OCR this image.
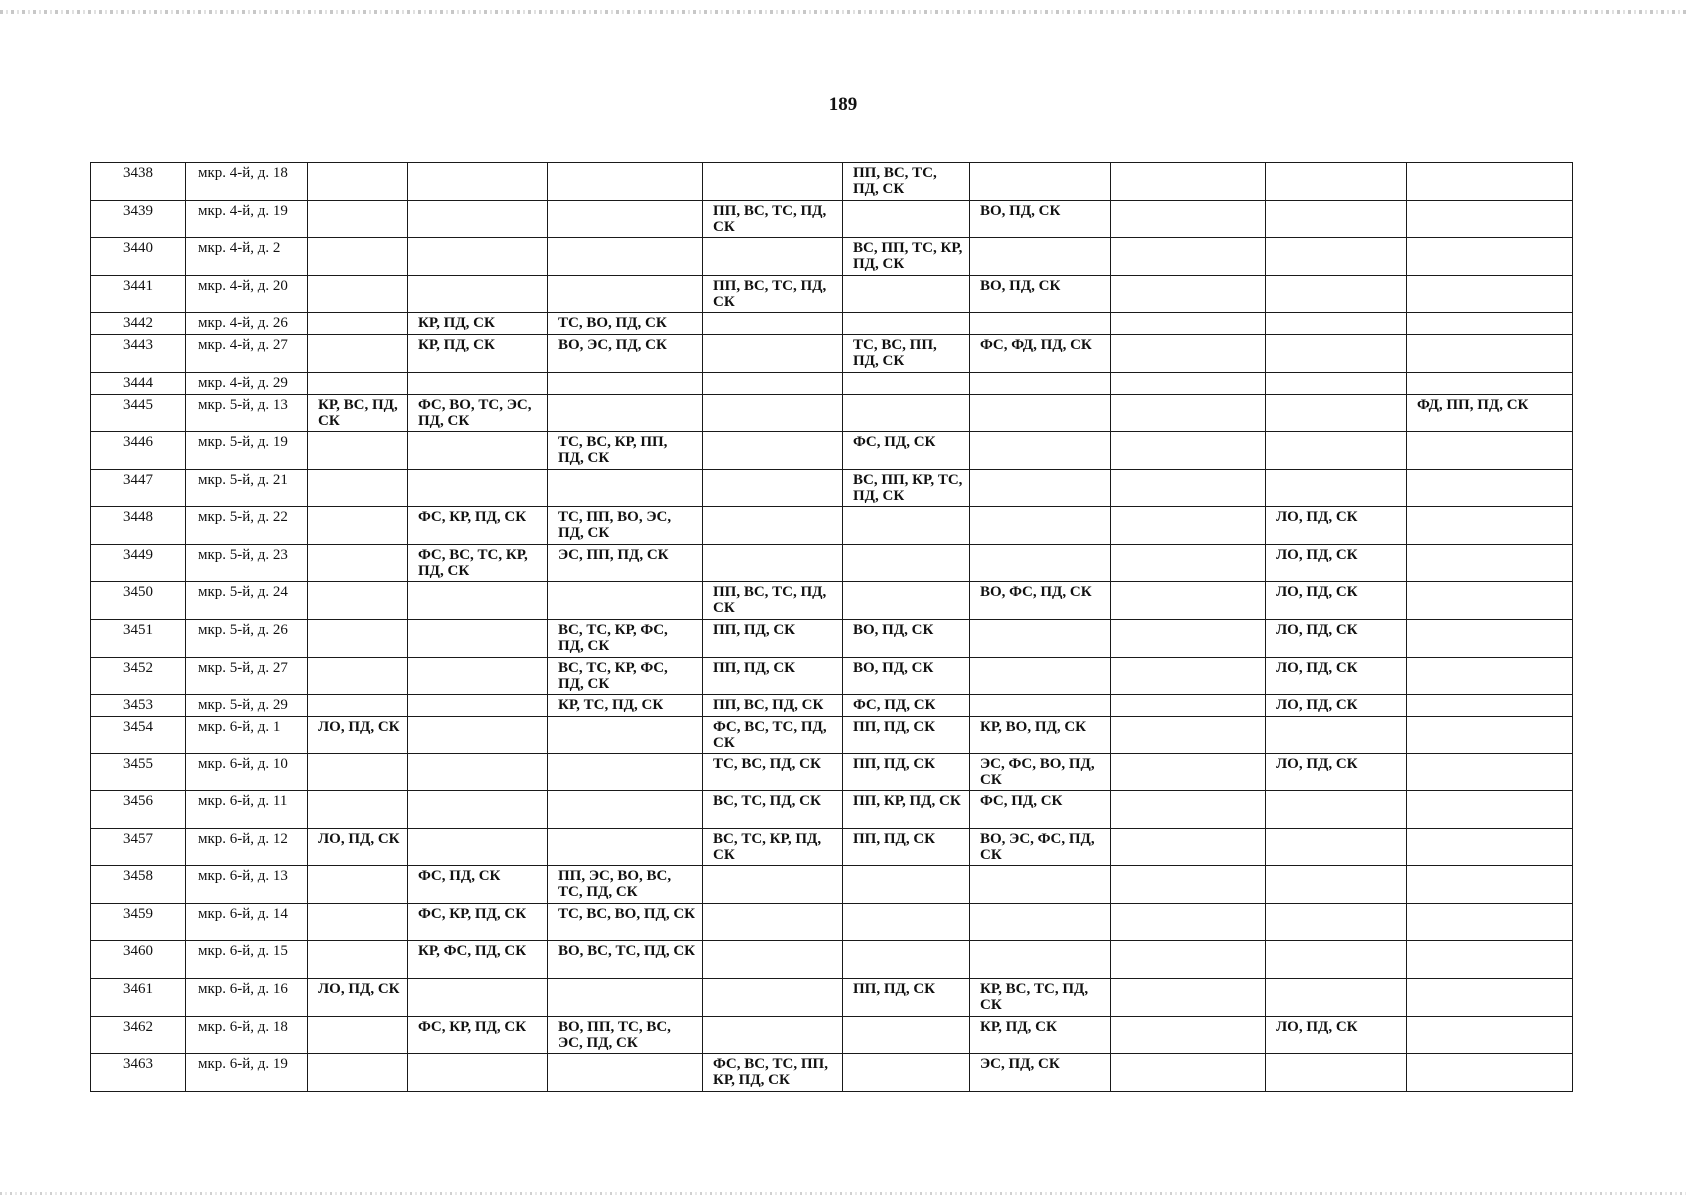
189
3438	мкр. 4-й, д. 18					ПП, ВС, ТС, ПД, СК				
3439	мкр. 4-й, д. 19				ПП, ВС, ТС, ПД, СК		ВО, ПД, СК			
3440	мкр. 4-й, д. 2					ВС, ПП, ТС, КР, ПД, СК				
3441	мкр. 4-й, д. 20				ПП, ВС, ТС, ПД, СК		ВО, ПД, СК			
3442	мкр. 4-й, д. 26		КР, ПД, СК	ТС, ВО, ПД, СК						
3443	мкр. 4-й, д. 27		КР, ПД, СК	ВО, ЭС, ПД, СК		ТС, ВС, ПП, ПД, СК	ФС, ФД, ПД, СК			
3444	мкр. 4-й, д. 29									
3445	мкр. 5-й, д. 13	КР, ВС, ПД, СК	ФС, ВО, ТС, ЭС, ПД, СК							ФД, ПП, ПД, СК
3446	мкр. 5-й, д. 19			ТС, ВС, КР, ПП, ПД, СК		ФС, ПД, СК				
3447	мкр. 5-й, д. 21					ВС, ПП, КР, ТС, ПД, СК				
3448	мкр. 5-й, д. 22		ФС, КР, ПД, СК	ТС, ПП, ВО, ЭС, ПД, СК					ЛО, ПД, СК	
3449	мкр. 5-й, д. 23		ФС, ВС, ТС, КР, ПД, СК	ЭС, ПП, ПД, СК					ЛО, ПД, СК	
3450	мкр. 5-й, д. 24				ПП, ВС, ТС, ПД, СК		ВО, ФС, ПД, СК		ЛО, ПД, СК	
3451	мкр. 5-й, д. 26			ВС, ТС, КР, ФС, ПД, СК	ПП, ПД, СК	ВО, ПД, СК			ЛО, ПД, СК	
3452	мкр. 5-й, д. 27			ВС, ТС, КР, ФС, ПД, СК	ПП, ПД, СК	ВО, ПД, СК			ЛО, ПД, СК	
3453	мкр. 5-й, д. 29			КР, ТС, ПД, СК	ПП, ВС, ПД, СК	ФС, ПД, СК			ЛО, ПД, СК	
3454	мкр. 6-й, д. 1	ЛО, ПД, СК			ФС, ВС, ТС, ПД, СК	ПП, ПД, СК	КР, ВО, ПД, СК			
3455	мкр. 6-й, д. 10				ТС, ВС, ПД, СК	ПП, ПД, СК	ЭС, ФС, ВО, ПД, СК		ЛО, ПД, СК	
3456	мкр. 6-й, д. 11				ВС, ТС, ПД, СК	ПП, КР, ПД, СК	ФС, ПД, СК			
3457	мкр. 6-й, д. 12	ЛО, ПД, СК			ВС, ТС, КР, ПД, СК	ПП, ПД, СК	ВО, ЭС, ФС, ПД, СК			
3458	мкр. 6-й, д. 13		ФС, ПД, СК	ПП, ЭС, ВО, ВС, ТС, ПД, СК						
3459	мкр. 6-й, д. 14		ФС, КР, ПД, СК	ТС, ВС, ВО, ПД, СК						
3460	мкр. 6-й, д. 15		КР, ФС, ПД, СК	ВО, ВС, ТС, ПД, СК						
3461	мкр. 6-й, д. 16	ЛО, ПД, СК				ПП, ПД, СК	КР, ВС, ТС, ПД, СК			
3462	мкр. 6-й, д. 18		ФС, КР, ПД, СК	ВО, ПП, ТС, ВС, ЭС, ПД, СК			КР, ПД, СК		ЛО, ПД, СК	
3463	мкр. 6-й, д. 19				ФС, ВС, ТС, ПП, КР, ПД, СК		ЭС, ПД, СК			
